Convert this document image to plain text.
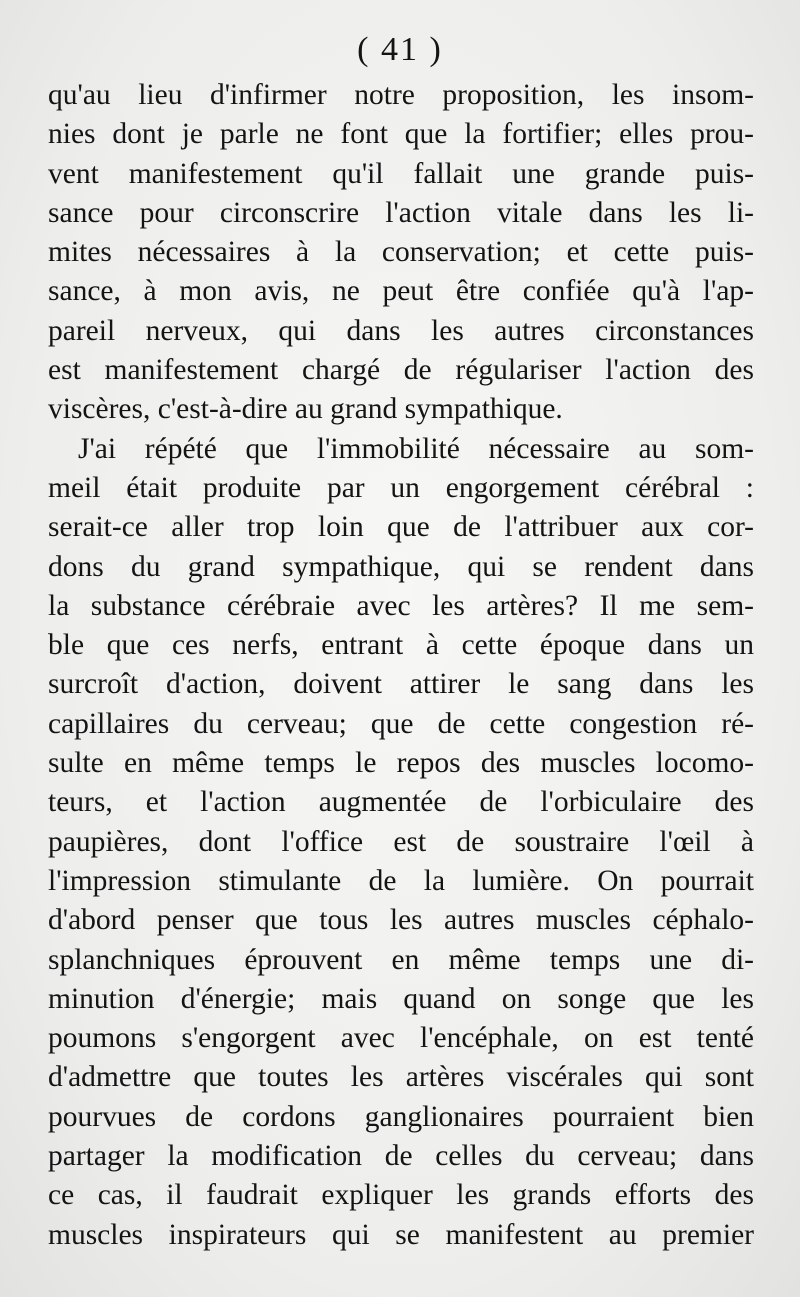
( 41 )
qu'au lieu d'infirmer notre proposition, les insom-
nies dont je parle ne font que la fortifier; elles prou-
vent manifestement qu'il fallait une grande puis-
sance pour circonscrire l'action vitale dans les li-
mites nécessaires à la conservation; et cette puis-
sance, à mon avis, ne peut être confiée qu'à l'ap-
pareil nerveux, qui dans les autres circonstances
est manifestement chargé de régulariser l'action des
viscères, c'est-à-dire au grand sympathique.
J'ai répété que l'immobilité nécessaire au som-
meil était produite par un engorgement cérébral :
serait-ce aller trop loin que de l'attribuer aux cor-
dons du grand sympathique, qui se rendent dans
la substance cérébraie avec les artères? Il me sem-
ble que ces nerfs, entrant à cette époque dans un
surcroît d'action, doivent attirer le sang dans les
capillaires du cerveau; que de cette congestion ré-
sulte en même temps le repos des muscles locomo-
teurs, et l'action augmentée de l'orbiculaire des
paupières, dont l'office est de soustraire l'œil à
l'impression stimulante de la lumière. On pourrait
d'abord penser que tous les autres muscles céphalo-
splanchniques éprouvent en même temps une di-
minution d'énergie; mais quand on songe que les
poumons s'engorgent avec l'encéphale, on est tenté
d'admettre que toutes les artères viscérales qui sont
pourvues de cordons ganglionaires pourraient bien
partager la modification de celles du cerveau; dans
ce cas, il faudrait expliquer les grands efforts des
muscles inspirateurs qui se manifestent au premier
